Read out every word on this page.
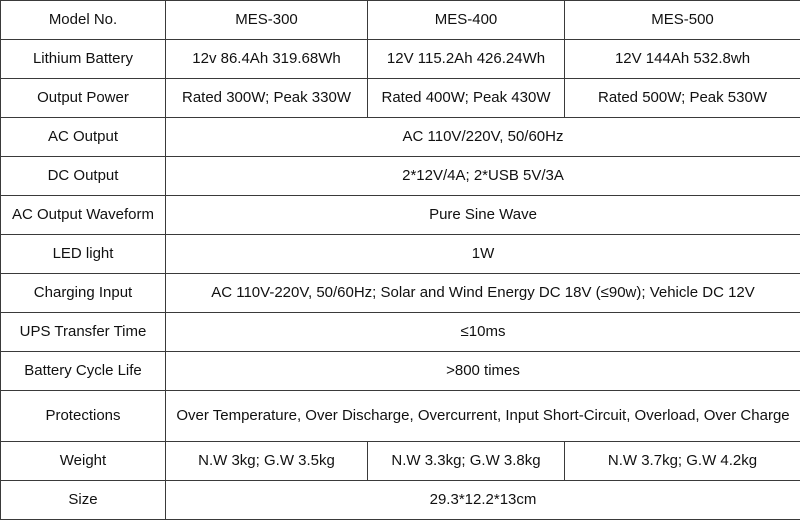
Model No.	MES-300	MES-400	MES-500
Lithium Battery	12v 86.4Ah 319.68Wh	12V 115.2Ah 426.24Wh	12V 144Ah 532.8wh
Output Power	Rated 300W; Peak 330W	Rated 400W; Peak 430W	Rated 500W; Peak 530W
AC Output	AC 110V/220V, 50/60Hz		
DC Output	2*12V/4A; 2*USB 5V/3A		
AC Output Waveform	Pure Sine Wave		
LED light	1W		
Charging Input	AC 110V-220V, 50/60Hz; Solar and Wind Energy DC 18V (≤90w); Vehicle DC 12V		
UPS Transfer Time	≤10ms		
Battery Cycle Life	>800 times		
Protections	Over Temperature, Over Discharge, Overcurrent, Input Short-Circuit, Overload, Over Charge		
Weight	N.W 3kg; G.W 3.5kg	N.W 3.3kg; G.W 3.8kg	N.W 3.7kg; G.W 4.2kg
Size	29.3*12.2*13cm		
